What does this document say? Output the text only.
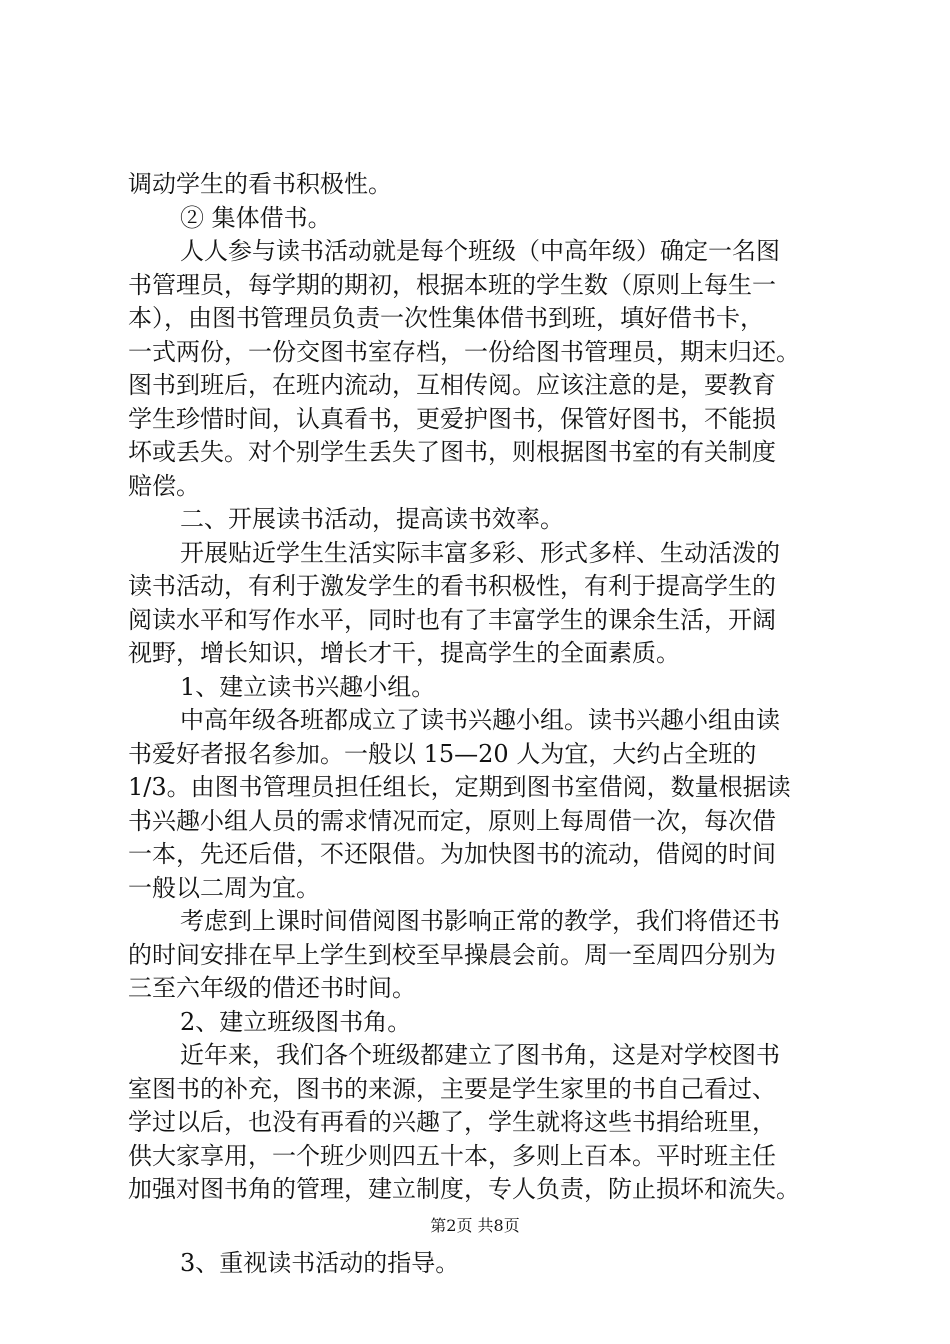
调动学生的看书积极性。
② 集体借书。
人人参与读书活动就是每个班级（中高年级）确定一名图
书管理员，每学期的期初，根据本班的学生数（原则上每生一
本），由图书管理员负责一次性集体借书到班，填好借书卡，
一式两份，一份交图书室存档，一份给图书管理员，期末归还。
图书到班后，在班内流动，互相传阅。应该注意的是，要教育
学生珍惜时间，认真看书，更爱护图书，保管好图书，不能损
坏或丢失。对个别学生丢失了图书，则根据图书室的有关制度
赔偿。
二、开展读书活动，提高读书效率。
开展贴近学生生活实际丰富多彩、形式多样、生动活泼的
读书活动，有利于激发学生的看书积极性，有利于提高学生的
阅读水平和写作水平，同时也有了丰富学生的课余生活，开阔
视野，增长知识，增长才干，提高学生的全面素质。
1、建立读书兴趣小组。
中高年级各班都成立了读书兴趣小组。读书兴趣小组由读
书爱好者报名参加。一般以 15—20 人为宜，大约占全班的
1/3。由图书管理员担任组长，定期到图书室借阅，数量根据读
书兴趣小组人员的需求情况而定，原则上每周借一次，每次借
一本，先还后借，不还限借。为加快图书的流动，借阅的时间
一般以二周为宜。
考虑到上课时间借阅图书影响正常的教学，我们将借还书
的时间安排在早上学生到校至早操晨会前。周一至周四分别为
三至六年级的借还书时间。
2、建立班级图书角。
近年来，我们各个班级都建立了图书角，这是对学校图书
室图书的补充，图书的来源，主要是学生家里的书自己看过、
学过以后，也没有再看的兴趣了，学生就将这些书捐给班里，
供大家享用，一个班少则四五十本，多则上百本。平时班主任
加强对图书角的管理，建立制度，专人负责，防止损坏和流失。
3、重视读书活动的指导。
第2页 共8页
